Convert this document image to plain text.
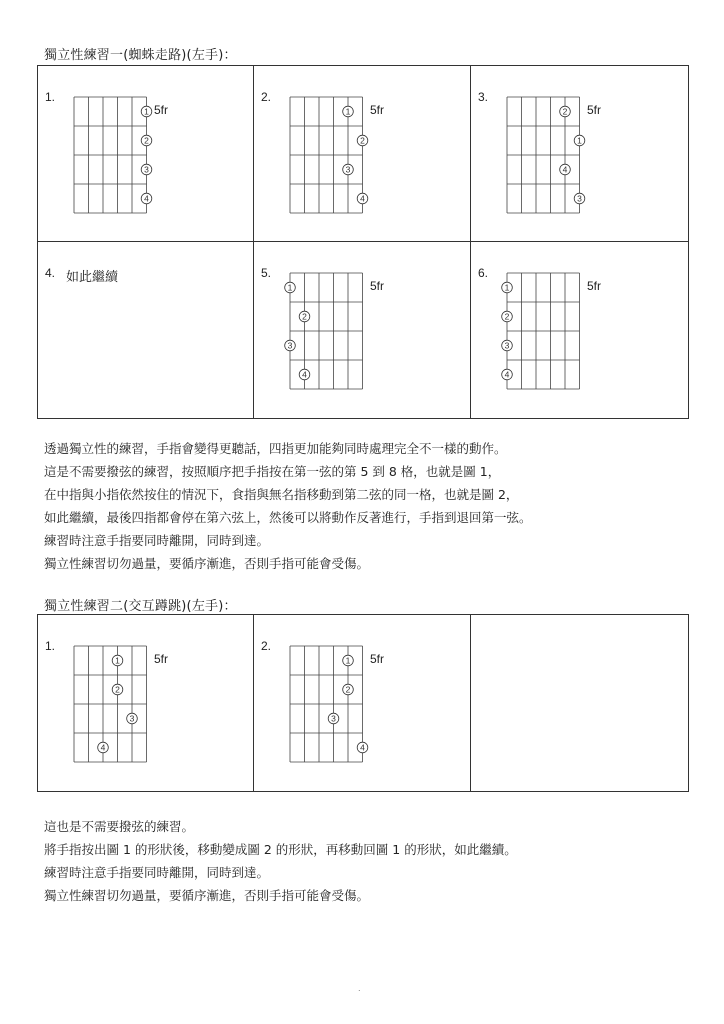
獨立性練習一(蜘蛛走路)(左手)：
1.
1
2
3
4
5fr
2.
1
2
3
4
5fr
3.
2
1
4
3
5fr
4. 如此繼續	5.
1
2
3
4
5fr
6.
1
2
3
4
5fr
透過獨立性的練習，手指會變得更聽話，四指更加能夠同時處理完全不一樣的動作。
這是不需要撥弦的練習，按照順序把手指按在第一弦的第 5 到 8 格，也就是圖 1，
在中指與小指依然按住的情況下，食指與無名指移動到第二弦的同一格，也就是圖 2，
如此繼續，最後四指都會停在第六弦上，然後可以將動作反著進行，手指到退回第一弦。
練習時注意手指要同時離開，同時到達。
獨立性練習切勿過量，要循序漸進，否則手指可能會受傷。
獨立性練習二(交互蹲跳)(左手)：
1.
1
2
3
4
5fr
2.
1
2
3
4
5fr
這也是不需要撥弦的練習。
將手指按出圖 1 的形狀後，移動變成圖 2 的形狀，再移動回圖 1 的形狀，如此繼續。
練習時注意手指要同時離開，同時到達。
獨立性練習切勿過量，要循序漸進，否則手指可能會受傷。
.
